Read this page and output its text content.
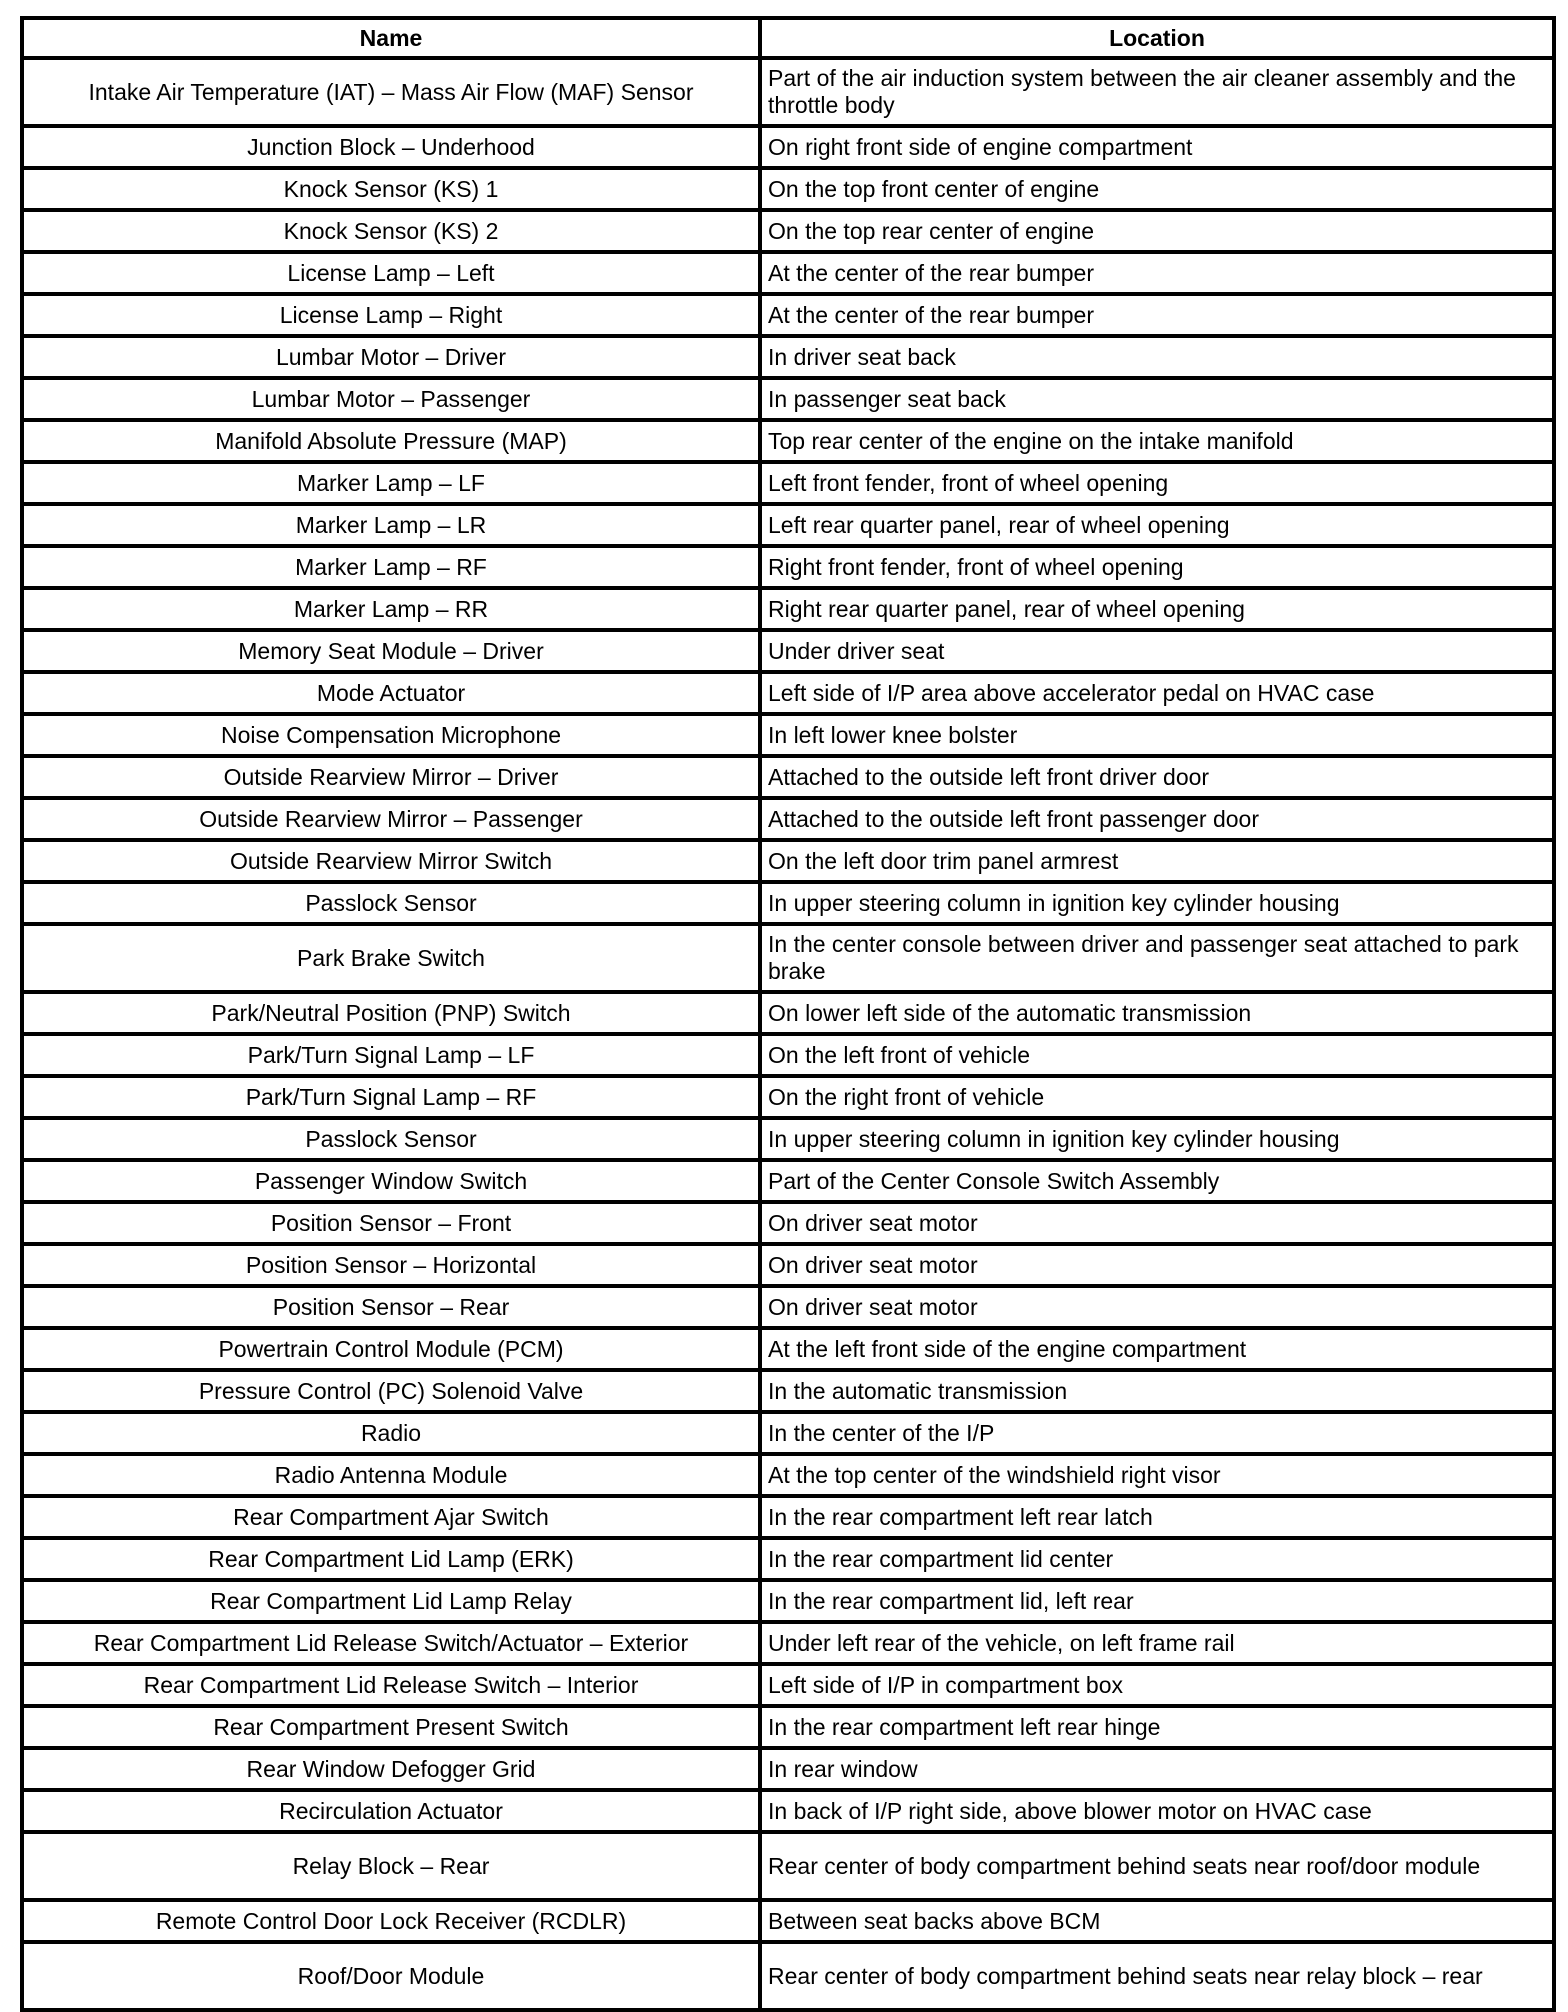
Name	Location
Intake Air Temperature (IAT) – Mass Air Flow (MAF) Sensor	Part of the air induction system between the air cleaner assembly and the throttle body
Junction Block – Underhood	On right front side of engine compartment
Knock Sensor (KS) 1	On the top front center of engine
Knock Sensor (KS) 2	On the top rear center of engine
License Lamp – Left	At the center of the rear bumper
License Lamp – Right	At the center of the rear bumper
Lumbar Motor – Driver	In driver seat back
Lumbar Motor – Passenger	In passenger seat back
Manifold Absolute Pressure (MAP)	Top rear center of the engine on the intake manifold
Marker Lamp – LF	Left front fender, front of wheel opening
Marker Lamp – LR	Left rear quarter panel, rear of wheel opening
Marker Lamp – RF	Right front fender, front of wheel opening
Marker Lamp – RR	Right rear quarter panel, rear of wheel opening
Memory Seat Module – Driver	Under driver seat
Mode Actuator	Left side of I/P area above accelerator pedal on HVAC case
Noise Compensation Microphone	In left lower knee bolster
Outside Rearview Mirror – Driver	Attached to the outside left front driver door
Outside Rearview Mirror – Passenger	Attached to the outside left front passenger door
Outside Rearview Mirror Switch	On the left door trim panel armrest
Passlock Sensor	In upper steering column in ignition key cylinder housing
Park Brake Switch	In the center console between driver and passenger seat attached to park brake
Park/Neutral Position (PNP) Switch	On lower left side of the automatic transmission
Park/Turn Signal Lamp – LF	On the left front of vehicle
Park/Turn Signal Lamp – RF	On the right front of vehicle
Passlock Sensor	In upper steering column in ignition key cylinder housing
Passenger Window Switch	Part of the Center Console Switch Assembly
Position Sensor – Front	On driver seat motor
Position Sensor – Horizontal	On driver seat motor
Position Sensor – Rear	On driver seat motor
Powertrain Control Module (PCM)	At the left front side of the engine compartment
Pressure Control (PC) Solenoid Valve	In the automatic transmission
Radio	In the center of the I/P
Radio Antenna Module	At the top center of the windshield right visor
Rear Compartment Ajar Switch	In the rear compartment left rear latch
Rear Compartment Lid Lamp (ERK)	In the rear compartment lid center
Rear Compartment Lid Lamp Relay	In the rear compartment lid, left rear
Rear Compartment Lid Release Switch/Actuator – Exterior	Under left rear of the vehicle, on left frame rail
Rear Compartment Lid Release Switch – Interior	Left side of I/P in compartment box
Rear Compartment Present Switch	In the rear compartment left rear hinge
Rear Window Defogger Grid	In rear window
Recirculation Actuator	In back of I/P right side, above blower motor on HVAC case
Relay Block – Rear	Rear center of body compartment behind seats near roof/door module
Remote Control Door Lock Receiver (RCDLR)	Between seat backs above BCM
Roof/Door Module	Rear center of body compartment behind seats near relay block – rear
